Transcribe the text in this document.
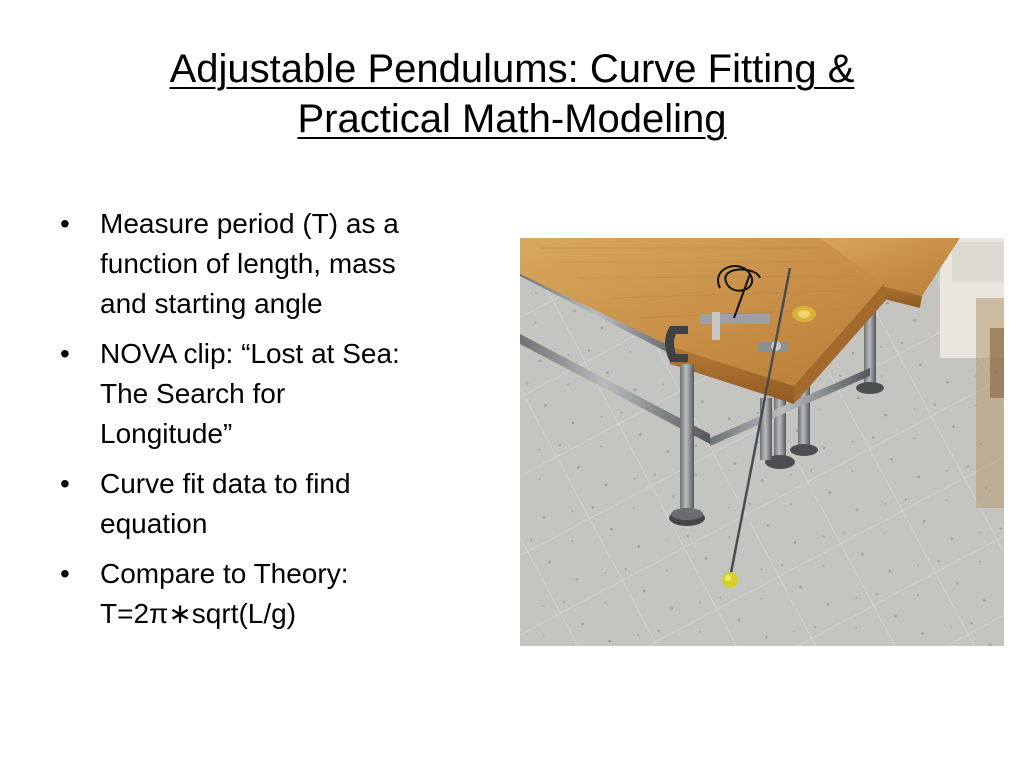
Adjustable Pendulums: Curve Fitting &
Practical Math-Modeling
• Measure period (T) as a
function of length, mass
and starting angle
• NOVA clip: “Lost at Sea:
The Search for
Longitude”
• Curve fit data to find
equation
• Compare to Theory:
T=2π∗sqrt(L/g)
